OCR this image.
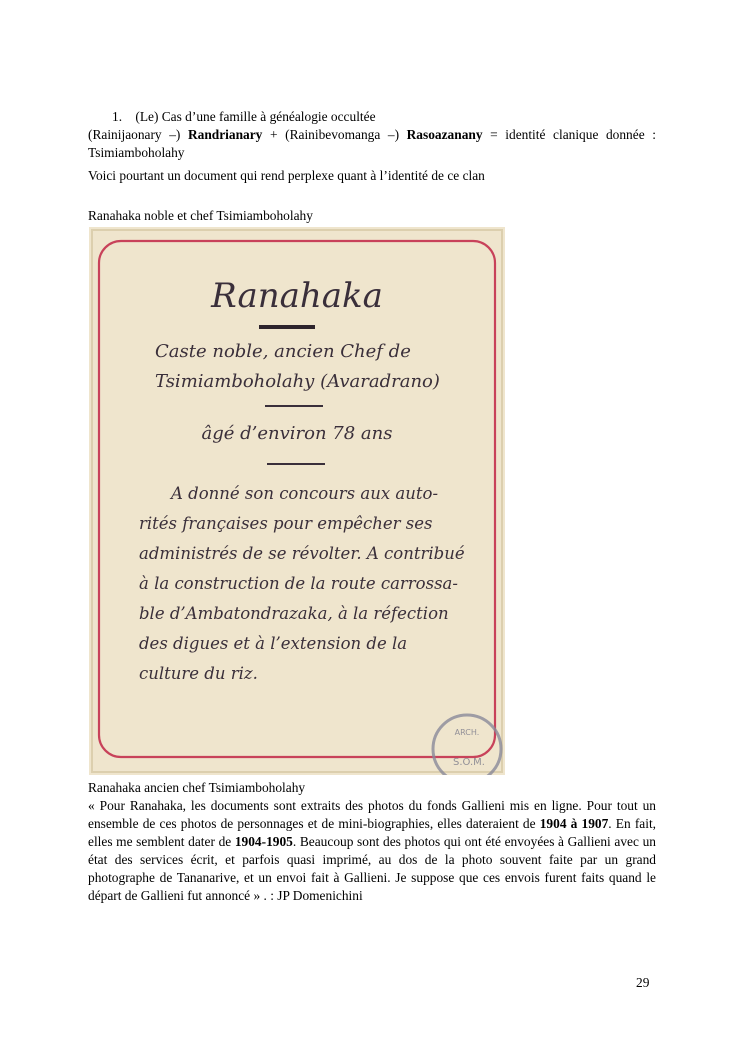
1. (Le) Cas d’une famille à généalogie occultée

(Rainijaonary –) Randrianary + (Rainibevomanga –) Rasoazanany = identité clanique donnée : Tsimiamboholahy

Voici pourtant un document qui rend perplexe quant à l’identité de ce clan

Ranahaka noble et chef Tsimiamboholahy

Ranahaka
Caste noble, ancien Chef de
Tsimiamboholahy (Avaradrano)
âgé d’environ 78 ans
A donné son concours aux auto-
rités françaises pour empêcher ses
administrés de se révolter. A contribué
à la construction de la route carrossa-
ble d’Ambatondrazaka, à la réfection
des digues et à l’extension de la
culture du riz.
ARCH.
S.O.M.

Ranahaka ancien chef Tsimiamboholahy

« Pour Ranahaka, les documents sont extraits des photos du fonds Gallieni mis en ligne. Pour tout un ensemble de ces photos de personnages et de mini-biographies, elles dateraient de 1904 à 1907. En fait, elles me semblent dater de 1904-1905. Beaucoup sont des photos qui ont été envoyées à Gallieni avec un état des services écrit, et parfois quasi imprimé, au dos de la photo souvent faite par un grand photographe de Tananarive, et un envoi fait à Gallieni. Je suppose que ces envois furent faits quand le départ de Gallieni fut annoncé » . : JP Domenichini

29
